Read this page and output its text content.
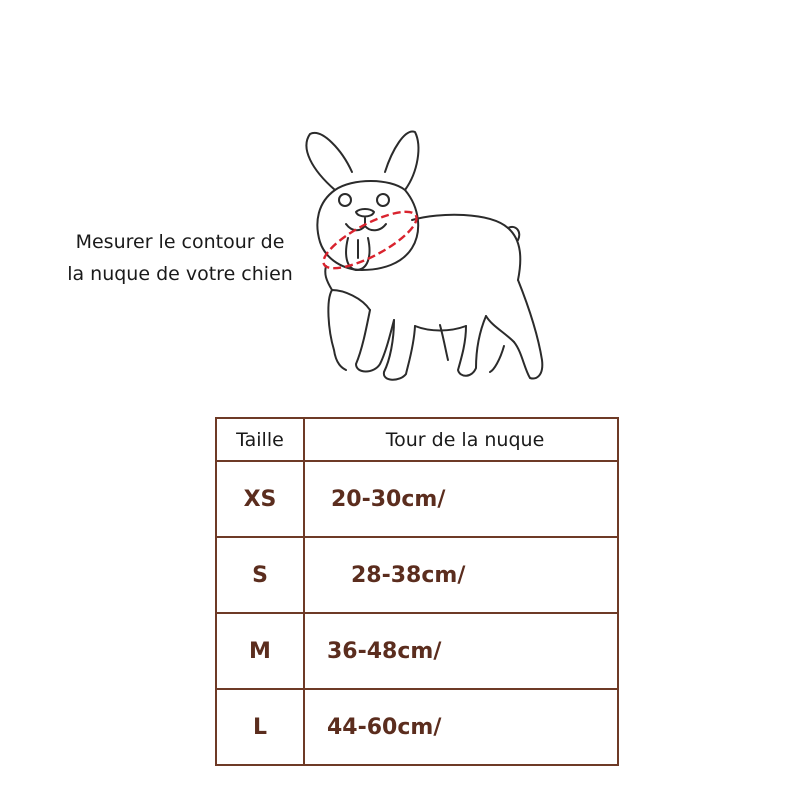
Mesurer le contour de
la nuque de votre chien
Taille	Tour de la nuque
XS	20-30cm/
S	28-38cm/
M	36-48cm/
L	44-60cm/
